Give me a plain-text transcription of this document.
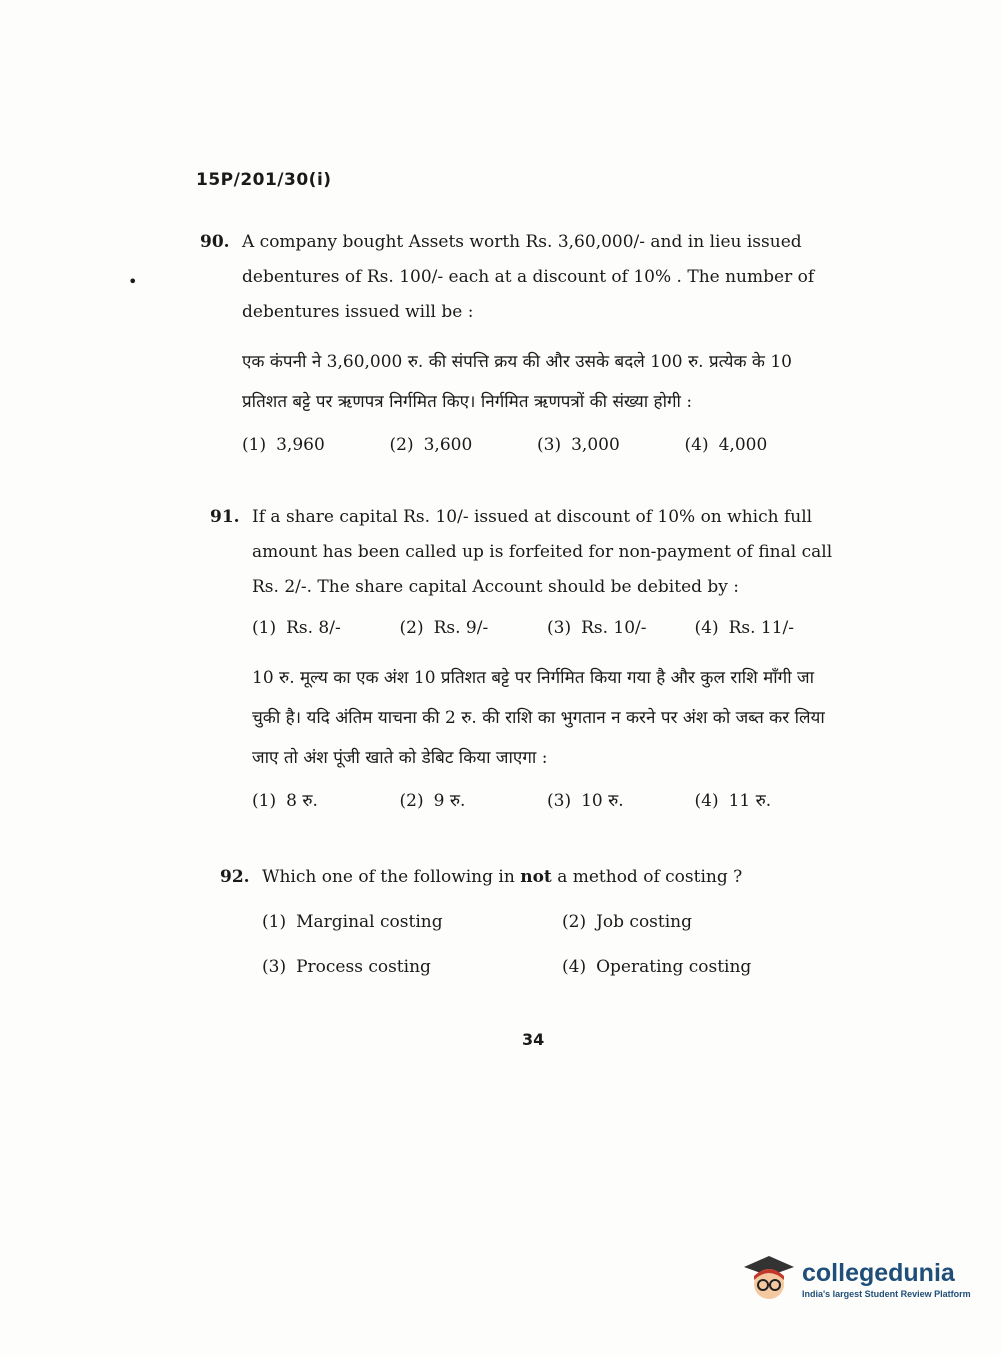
15P/201/30(i)
•
90. A company bought Assets worth Rs. 3,60,000/- and in lieu issued debentures of Rs. 100/- each at a discount of 10% . The number of debentures issued will be :

एक कंपनी ने 3,60,000 रु. की संपत्ति क्रय की और उसके बदले 100 रु. प्रत्येक के 10 प्रतिशत बट्टे पर ऋणपत्र निर्गमित किए। निर्गमित ऋणपत्रों की संख्या होगी :

(1) 3,960	(2) 3,600	(3) 3,000	(4) 4,000
91. If a share capital Rs. 10/- issued at discount of 10% on which full amount has been called up is forfeited for non-payment of final call Rs. 2/-. The share capital Account should be debited by :

(1) Rs. 8/-	(2) Rs. 9/-	(3) Rs. 10/-	(4) Rs. 11/-

10 रु. मूल्य का एक अंश 10 प्रतिशत बट्टे पर निर्गमित किया गया है और कुल राशि माँगी जा चुकी है। यदि अंतिम याचना की 2 रु. की राशि का भुगतान न करने पर अंश को जब्त कर लिया जाए तो अंश पूंजी खाते को डेबिट किया जाएगा :

(1) 8 रु.	(2) 9 रु.	(3) 10 रु.	(4) 11 रु.
92. Which one of the following in not a method of costing ?

(1) Marginal costing	(2) Job costing
(3) Process costing	(4) Operating costing
34
collegedunia
India's largest Student Review Platform
